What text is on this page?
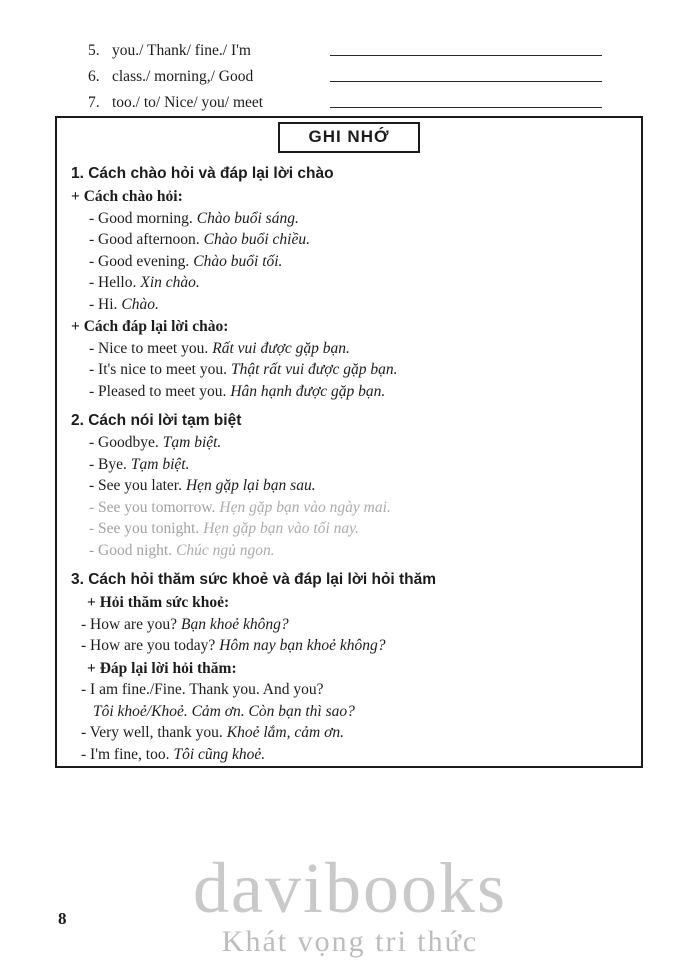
5. you./ Thank/ fine./ I'm
6. class./ morning,/ Good
7. too./ to/ Nice/ you/ meet
GHI NHỚ
1. Cách chào hỏi và đáp lại lời chào
+ Cách chào hỏi:
- Good morning. Chào buổi sáng.
- Good afternoon. Chào buổi chiều.
- Good evening. Chào buổi tối.
- Hello. Xin chào.
- Hi. Chào.
+ Cách đáp lại lời chào:
- Nice to meet you. Rất vui được gặp bạn.
- It's nice to meet you. Thật rất vui được gặp bạn.
- Pleased to meet you. Hân hạnh được gặp bạn.
2. Cách nói lời tạm biệt
- Goodbye. Tạm biệt.
- Bye. Tạm biệt.
- See you later. Hẹn gặp lại bạn sau.
- See you tomorrow. Hẹn gặp bạn vào ngày mai.
- See you tonight. Hẹn gặp bạn vào tối nay.
- Good night. Chúc ngủ ngon.
3. Cách hỏi thăm sức khoẻ và đáp lại lời hỏi thăm
+ Hỏi thăm sức khoẻ:
- How are you? Bạn khoẻ không?
- How are you today? Hôm nay bạn khoẻ không?
+ Đáp lại lời hỏi thăm:
- I am fine./Fine. Thank you. And you?
Tôi khoẻ/Khoẻ. Cảm ơn. Còn bạn thì sao?
- Very well, thank you. Khoẻ lắm, cảm ơn.
- I'm fine, too. Tôi cũng khoẻ.
davibooks
Khát vọng tri thức
8
